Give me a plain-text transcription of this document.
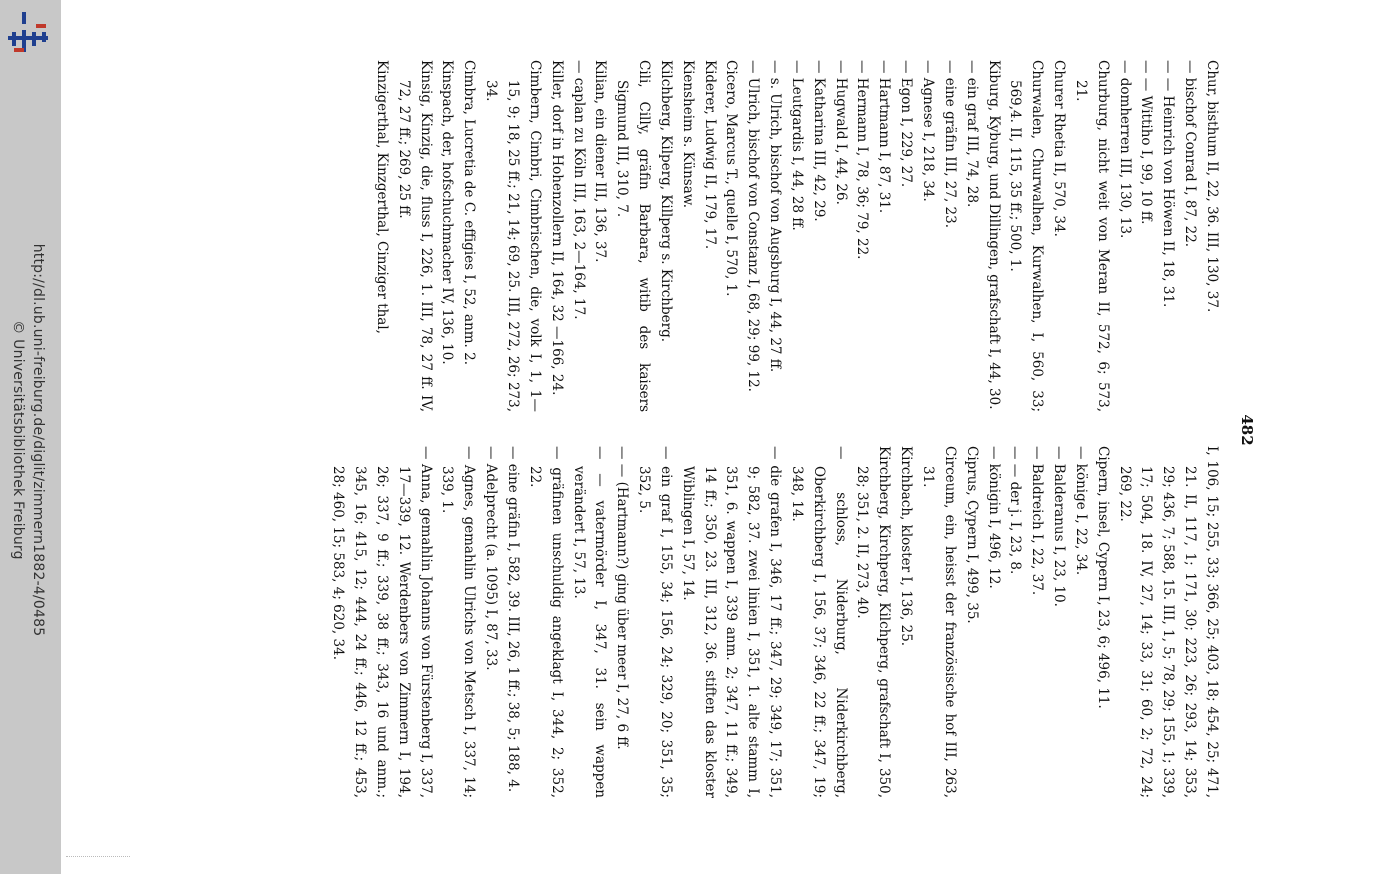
http://dl.ub.uni-freiburg.de/diglit/zimmern1882-4/0485
© Universitätsbibliothek Freiburg	482
Chur, bisthum II, 22, 36. III, 130, 37.
— bischof Conrad I, 87, 22.
— — Heinrich von Höwen II, 18, 31.
— — Wittiho I, 99, 10 ff.
— domherren III, 130, 13.
Churburg, nicht weit von Meran II, 572, 6; 573, 21.
Churer Rhetia II, 570, 34.
Churwalen, Churwalhen, Kurwalhen, I, 560, 33; 569,4. II, 115, 35 ff.; 500, 1.
Kiburg, Kyburg, und Dillingen, grafschaft I, 44, 30.
— ein graf III, 74, 28.
— eine gräfin III, 27, 23.
— Agnese I, 218, 34.
— Egon I, 229, 27.
— Hartmann I, 87, 31.
— Hermann I, 78, 36; 79, 22.
— Hugwald I, 44, 26.
— Katharina III, 42, 29.
— Leutgardis I, 44, 28 ff.
— s. Ulrich, bischof von Augsburg I, 44, 27 ff.
— Ulrich, bischof von Constanz I, 68, 29; 99, 12.
Cicero, Marcus T., quelle I, 570, 1.
Kiderer, Ludwig II, 179, 17.
Kiensheim s. Künsaw.
Kilchberg, Kilperg, Killperg s. Kirchberg.
Cili, Cilly, gräfin Barbara, witib des kaisers Sigmund III, 310, 7.
Kilian, ein diener III, 136, 37.
— caplan zu Köln III, 163, 2—164, 17.
Killer, dorf in Hohenzollern II, 164, 32 —166, 24.
Cimbern, Cimbri, Cimbrischen, die, volk I, 1, 1—15, 9; 18, 25 ff.; 21, 14; 69, 25. III, 272, 26; 273, 34.
Cimbra, Lucretia de C. effigies I, 52, anm. 2.
Kinspach, der, hofschuchmacher IV, 136, 10.
Kinsig, Kinzig, die, fluss I, 226, 1. III, 78, 27 ff. IV, 72, 27 ff.; 269, 25 ff.
Kinzigerthal, Kinzgerthal, Cinziger thal,
I, 106, 15; 255, 33; 366, 25; 403, 18; 454, 25; 471, 21. II, 117, 1; 171, 30; 223, 26; 293, 14; 353, 29; 436, 7; 588, 15. III, 1, 5; 78, 29; 155, 1; 339, 17; 504, 18. IV, 27, 14; 33, 31; 60, 2; 72, 24; 269, 22.
Cipern, insel, Cypern I, 23, 6; 496, 11.
— könige I, 22, 34.
— Balderanus I, 23, 10.
— Baldreich I, 22, 37.
— — der j. I, 23, 8.
— königin I, 496, 12.
Ciprus, Cypern I, 499, 35.
Circeum, ein, heisst der französische hof III, 263, 31.
Kirchbach, kloster I, 136, 25.
Kirchberg, Kirchperg, Kilchperg, grafschaft I, 350, 28; 351, 2. II, 273, 40.
— schloss, Niderburg, Niderkirchberg, Oberkirchberg I, 156, 37; 346, 22 ff.; 347, 19; 348, 14.
— die grafen I, 346, 17 ff.; 347, 29; 349, 17; 351, 9; 582, 37. zwei linien I, 351, 1. alte stamm I, 351, 6. wappen I, 339 anm. 2; 347, 11 ff.; 349, 14 ff.; 350, 23. III, 312, 36. stiften das kloster Wiblingen I, 57, 14.
— ein graf I, 155, 34; 156, 24; 329, 20; 351, 35; 352, 5.
— — (Hartmann?) ging über meer I, 27, 6 ff.
— — vatermörder I, 347, 31. sein wappen verändert I, 57, 13.
— gräfinen unschuldig angeklagt I, 344, 2; 352, 22.
— eine gräfin I, 582, 39. III, 26, 1 ff.; 38, 5; 188, 4.
— Adelprecht (a. 1095) I, 87, 33.
— Agnes, gemahlin Ulrichs von Metsch I, 337, 14; 339, 1.
— Anna, gemahlin Johanns von Fürstenberg I, 337, 17—339, 12. Werdenbers von Zimmern I, 194, 26; 337, 9 ff.; 339, 38 ff.; 343, 16 und anm.; 345, 16; 415, 12; 444, 24 ff.; 446, 12 ff.; 453, 28; 460, 15; 583, 4; 620, 34.
